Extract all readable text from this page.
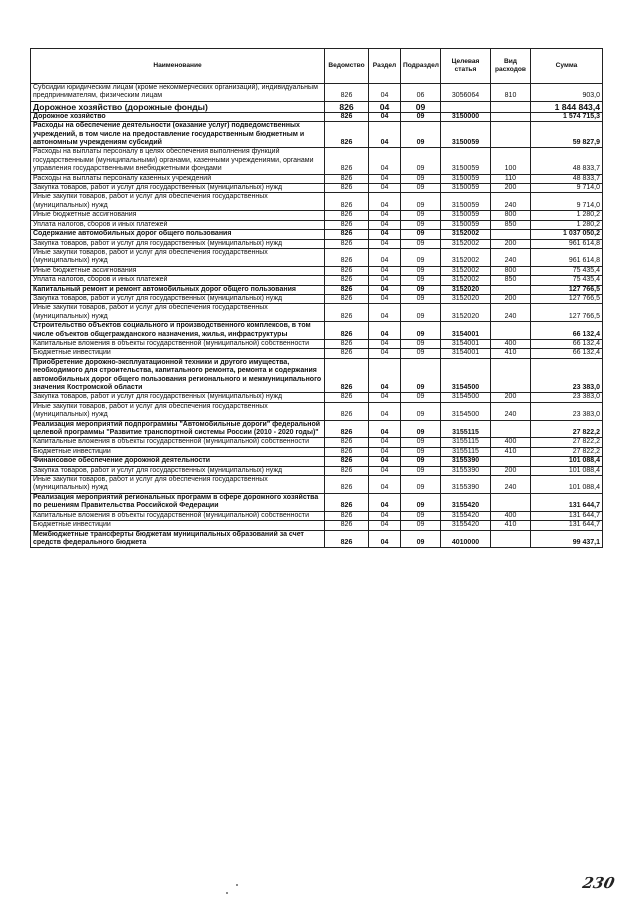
Наименование	Ведомство	Раздел	Подраздел	Целевая статья	Вид расходов	Сумма
Субсидии юридическим лицам (кроме некоммерческих организаций), индивидуальным предпринимателям, физическим лицам	826	04	06	3056064	810	903,0
Дорожное хозяйство (дорожные фонды)	826	04	09			1 844 843,4
Дорожное хозяйство	826	04	09	3150000		1 574 715,3
Расходы на обеспечение деятельности (оказание услуг) подведомственных учреждений, в том числе на предоставление государственным бюджетным и автономным учреждениям субсидий	826	04	09	3150059		59 827,9
Расходы на выплаты персоналу в целях обеспечения выполнения функций государственными (муниципальными) органами, казенными учреждениями, органами управления государственными внебюджетными фондами	826	04	09	3150059	100	48 833,7
Расходы на выплаты персоналу казенных учреждений	826	04	09	3150059	110	48 833,7
Закупка товаров, работ и услуг для государственных (муниципальных) нужд	826	04	09	3150059	200	9 714,0
Иные закупки товаров, работ и услуг для обеспечения государственных (муниципальных) нужд	826	04	09	3150059	240	9 714,0
Иные бюджетные ассигнования	826	04	09	3150059	800	1 280,2
Уплата налогов, сборов и иных платежей	826	04	09	3150059	850	1 280,2
Содержание автомобильных дорог общего пользования	826	04	09	3152002		1 037 050,2
Закупка товаров, работ и услуг для государственных (муниципальных) нужд	826	04	09	3152002	200	961 614,8
Иные закупки товаров, работ и услуг для обеспечения государственных (муниципальных) нужд	826	04	09	3152002	240	961 614,8
Иные бюджетные ассигнования	826	04	09	3152002	800	75 435,4
Уплата налогов, сборов и иных платежей	826	04	09	3152002	850	75 435,4
Капитальный ремонт и ремонт автомобильных дорог общего пользования	826	04	09	3152020		127 766,5
Закупка товаров, работ и услуг для государственных (муниципальных) нужд	826	04	09	3152020	200	127 766,5
Иные закупки товаров, работ и услуг для обеспечения государственных (муниципальных) нужд	826	04	09	3152020	240	127 766,5
Строительство объектов социального и производственного комплексов, в том числе объектов общегражданского назначения, жилья, инфраструктуры	826	04	09	3154001		66 132,4
Капитальные вложения в объекты государственной (муниципальной) собственности	826	04	09	3154001	400	66 132,4
Бюджетные инвестиции	826	04	09	3154001	410	66 132,4
Приобретение дорожно-эксплуатационной техники и другого имущества, необходимого для строительства, капитального ремонта, ремонта и содержания автомобильных дорог общего пользования регионального и межмуниципального значения Костромской области	826	04	09	3154500		23 383,0
Закупка товаров, работ и услуг для государственных (муниципальных) нужд	826	04	09	3154500	200	23 383,0
Иные закупки товаров, работ и услуг для обеспечения государственных (муниципальных) нужд	826	04	09	3154500	240	23 383,0
Реализация мероприятий подпрограммы "Автомобильные дороги" федеральной целевой программы "Развитие транспортной системы России (2010 - 2020 годы)"	826	04	09	3155115		27 822,2
Капитальные вложения в объекты государственной (муниципальной) собственности	826	04	09	3155115	400	27 822,2
Бюджетные инвестиции	826	04	09	3155115	410	27 822,2
Финансовое обеспечение дорожной деятельности	826	04	09	3155390		101 088,4
Закупка товаров, работ и услуг для государственных (муниципальных) нужд	826	04	09	3155390	200	101 088,4
Иные закупки товаров, работ и услуг для обеспечения государственных (муниципальных) нужд	826	04	09	3155390	240	101 088,4
Реализация мероприятий региональных программ в сфере дорожного хозяйства по решениям Правительства Российской Федерации	826	04	09	3155420		131 644,7
Капитальные вложения в объекты государственной (муниципальной) собственности	826	04	09	3155420	400	131 644,7
Бюджетные инвестиции	826	04	09	3155420	410	131 644,7
Межбюджетные трансферты бюджетам муниципальных образований за счет средств федерального бюджета	826	04	09	4010000		99 437,1
230
